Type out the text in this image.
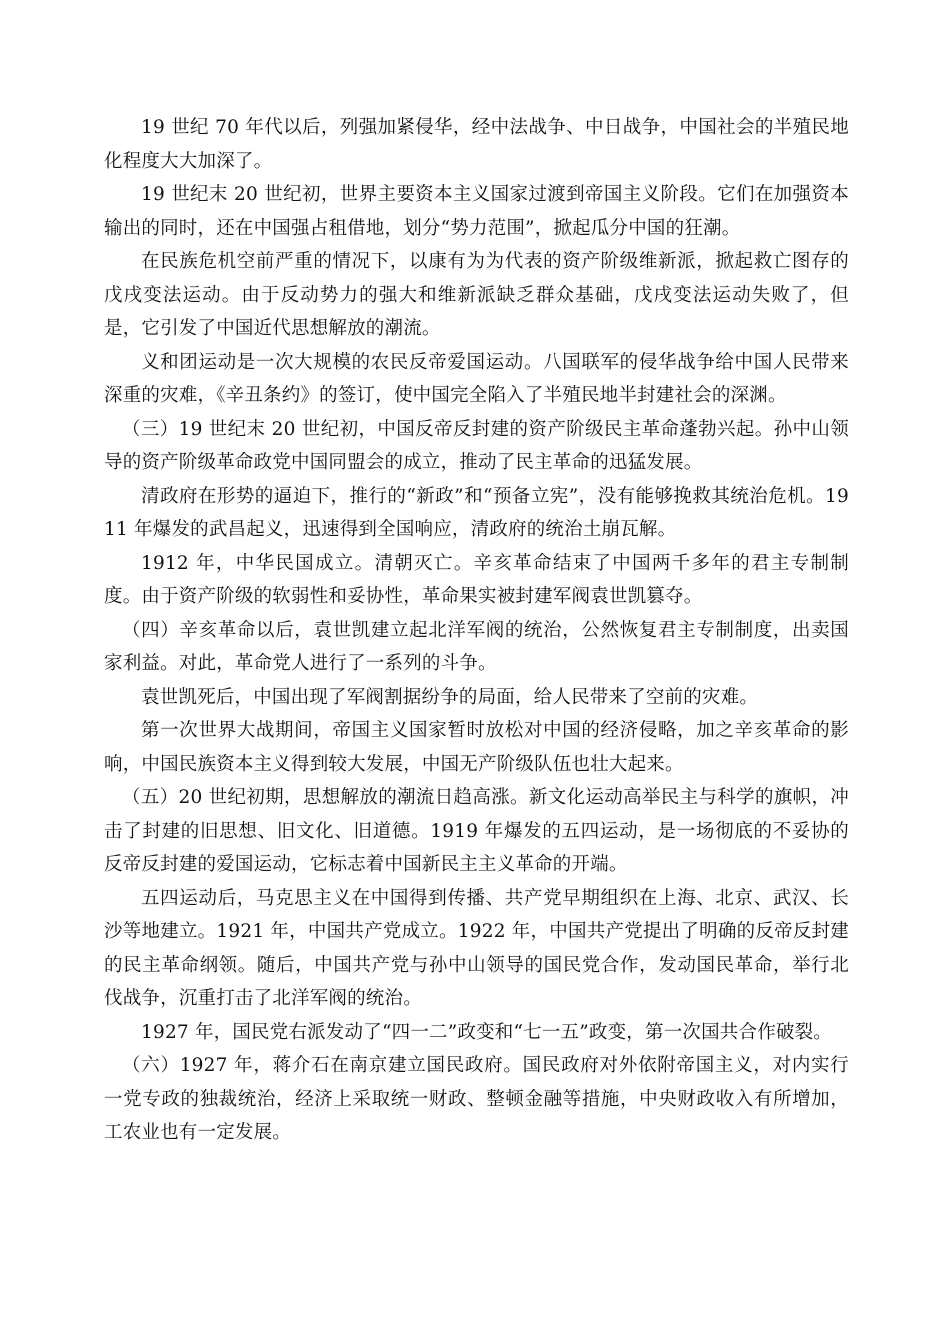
19 世纪 70 年代以后，列强加紧侵华，经中法战争、中日战争，中国社会的半殖民地化程度大大加深了。

19 世纪末 20 世纪初，世界主要资本主义国家过渡到帝国主义阶段。它们在加强资本输出的同时，还在中国强占租借地，划分“势力范围”，掀起瓜分中国的狂潮。

在民族危机空前严重的情况下，以康有为为代表的资产阶级维新派，掀起救亡图存的戊戌变法运动。由于反动势力的强大和维新派缺乏群众基础，戊戌变法运动失败了，但是，它引发了中国近代思想解放的潮流。

义和团运动是一次大规模的农民反帝爱国运动。八国联军的侵华战争给中国人民带来深重的灾难，《辛丑条约》的签订，使中国完全陷入了半殖民地半封建社会的深渊。

（三）19 世纪末 20 世纪初，中国反帝反封建的资产阶级民主革命蓬勃兴起。孙中山领导的资产阶级革命政党中国同盟会的成立，推动了民主革命的迅猛发展。

清政府在形势的逼迫下，推行的“新政”和“预备立宪”，没有能够挽救其统治危机。1911 年爆发的武昌起义，迅速得到全国响应，清政府的统治土崩瓦解。

1912 年，中华民国成立。清朝灭亡。辛亥革命结束了中国两千多年的君主专制制度。由于资产阶级的软弱性和妥协性，革命果实被封建军阀袁世凯篡夺。

（四）辛亥革命以后，袁世凯建立起北洋军阀的统治，公然恢复君主专制制度，出卖国家利益。对此，革命党人进行了一系列的斗争。

袁世凯死后，中国出现了军阀割据纷争的局面，给人民带来了空前的灾难。

第一次世界大战期间，帝国主义国家暂时放松对中国的经济侵略，加之辛亥革命的影响，中国民族资本主义得到较大发展，中国无产阶级队伍也壮大起来。

（五）20 世纪初期，思想解放的潮流日趋高涨。新文化运动高举民主与科学的旗帜，冲击了封建的旧思想、旧文化、旧道德。1919 年爆发的五四运动，是一场彻底的不妥协的反帝反封建的爱国运动，它标志着中国新民主主义革命的开端。

五四运动后，马克思主义在中国得到传播、共产党早期组织在上海、北京、武汉、长沙等地建立。1921 年，中国共产党成立。1922 年，中国共产党提出了明确的反帝反封建的民主革命纲领。随后，中国共产党与孙中山领导的国民党合作，发动国民革命，举行北伐战争，沉重打击了北洋军阀的统治。

1927 年，国民党右派发动了“四一二”政变和“七一五”政变，第一次国共合作破裂。

（六）1927 年，蒋介石在南京建立国民政府。国民政府对外依附帝国主义，对内实行一党专政的独裁统治，经济上采取统一财政、整顿金融等措施，中央财政收入有所增加，工农业也有一定发展。
